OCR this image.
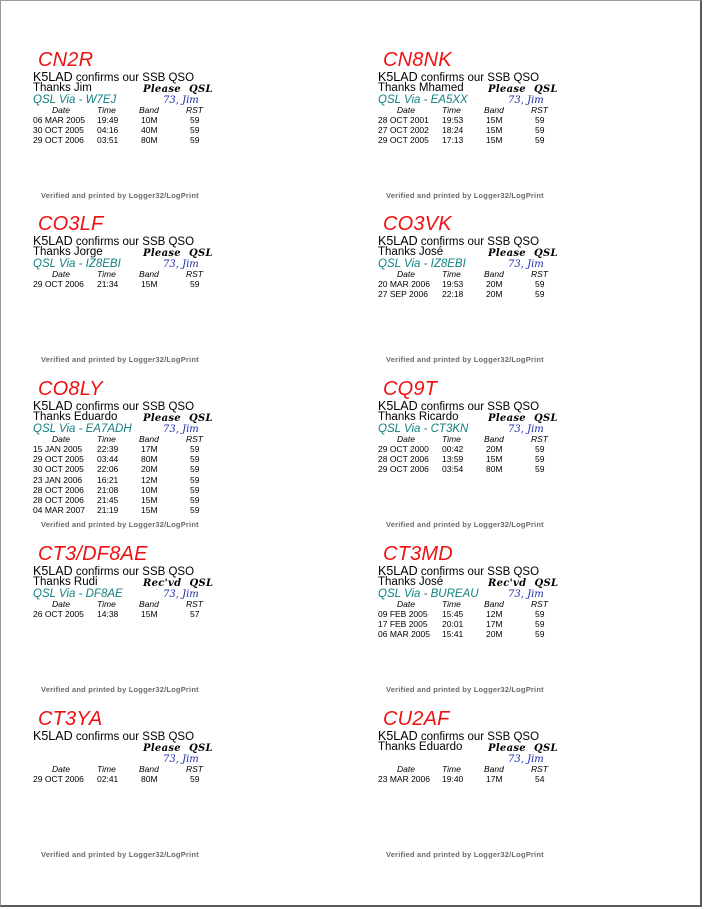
CN2R
K5LAD confirms our SSB QSO
Thanks Jim
QSL Via - W7EJ
Please QSL
73, Jim
Date	Time	Band	RST
06 MAR 2005 19:49	10M	59
30 OCT 2005 04:16	40M	59
29 OCT 2006 03:51	80M	59
Verified and printed by Logger32/LogPrint
CN8NK
K5LAD confirms our SSB QSO
Thanks Mhamed
QSL Via - EA5XX
Please QSL
73, Jim
Date	Time	Band	RST
28 OCT 2001 19:53	15M	59
27 OCT 2002 18:24	15M	59
29 OCT 2005 17:13	15M	59
Verified and printed by Logger32/LogPrint
CO3LF
K5LAD confirms our SSB QSO
Thanks Jorge
QSL Via - IZ8EBI
Please QSL
73, Jim
Date	Time	Band	RST
29 OCT 2006 21:34	15M	59
Verified and printed by Logger32/LogPrint
CO3VK
K5LAD confirms our SSB QSO
Thanks José
QSL Via - IZ8EBI
Please QSL
73, Jim
Date	Time	Band	RST
20 MAR 2006 19:53	20M	59
27 SEP 2006 22:18	20M	59
Verified and printed by Logger32/LogPrint
CO8LY
K5LAD confirms our SSB QSO
Thanks Eduardo
QSL Via - EA7ADH
Please QSL
73, Jim
Date	Time	Band	RST
15 JAN 2005 22:39	17M	59
29 OCT 2005 03:44	80M	59
30 OCT 2005 22:06	20M	59
23 JAN 2006 16:21	12M	59
28 OCT 2006 21:08	10M	59
28 OCT 2006 21:45	15M	59
04 MAR 2007 21:19	15M	59
Verified and printed by Logger32/LogPrint
CQ9T
K5LAD confirms our SSB QSO
Thanks Ricardo
QSL Via - CT3KN
Please QSL
73, Jim
Date	Time	Band	RST
29 OCT 2000 00:42	20M	59
28 OCT 2006 13:59	15M	59
29 OCT 2006 03:54	80M	59
Verified and printed by Logger32/LogPrint
CT3/DF8AE
K5LAD confirms our SSB QSO
Thanks Rudi
QSL Via - DF8AE
Rec'vd QSL
73, Jim
Date	Time	Band	RST
26 OCT 2005 14:38	15M	57
Verified and printed by Logger32/LogPrint
CT3MD
K5LAD confirms our SSB QSO
Thanks José
QSL Via - BUREAU
Rec'vd QSL
73, Jim
Date	Time	Band	RST
09 FEB 2005 15:45	12M	59
17 FEB 2005 20:01	17M	59
06 MAR 2005 15:41	20M	59
Verified and printed by Logger32/LogPrint
CT3YA
K5LAD confirms our SSB QSO
Please QSL
73, Jim
Date	Time	Band	RST
29 OCT 2006 02:41	80M	59
Verified and printed by Logger32/LogPrint
CU2AF
K5LAD confirms our SSB QSO
Thanks Eduardo	Please QSL
73, Jim
Date	Time	Band	RST
23 MAR 2006 19:40	17M	54
Verified and printed by Logger32/LogPrint
